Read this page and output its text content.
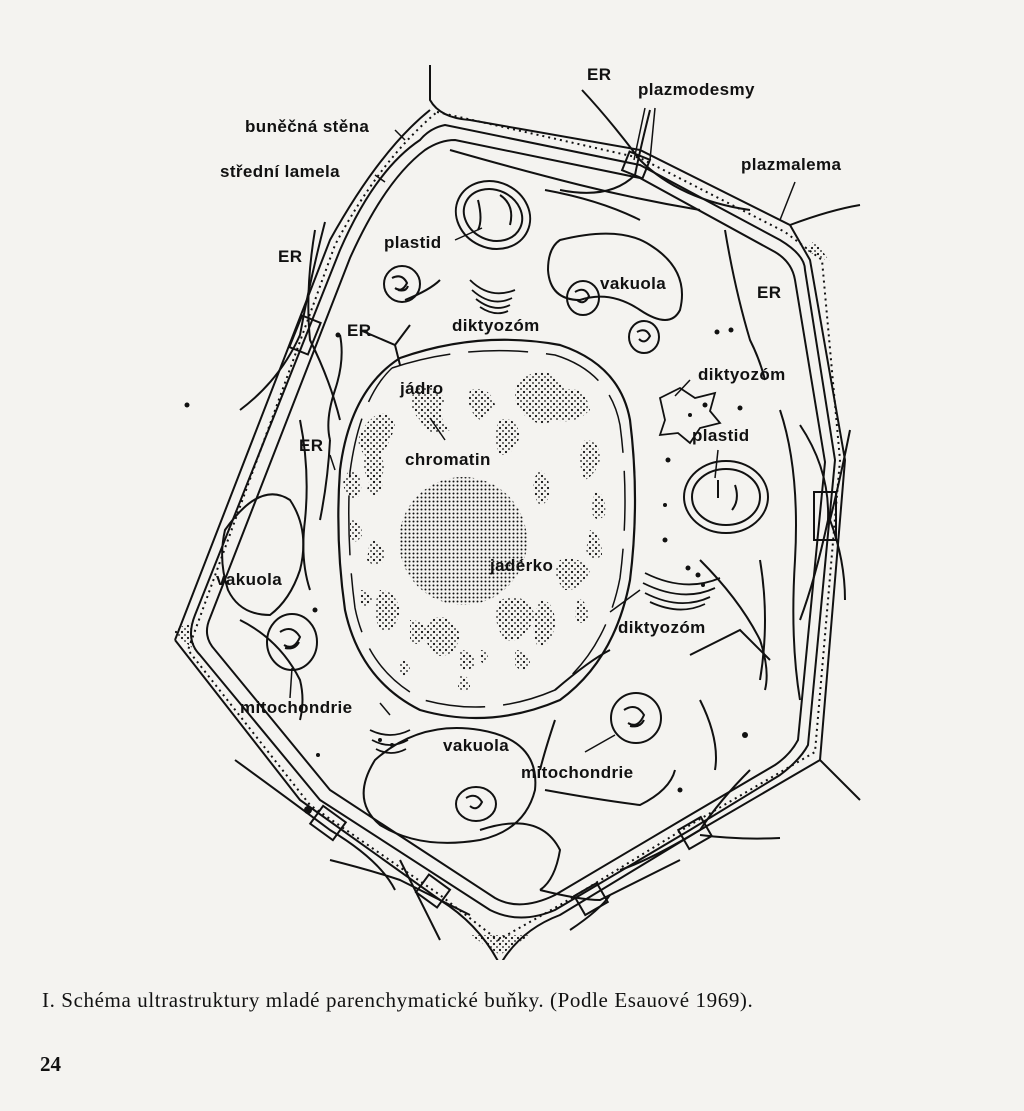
buněčná stěna
střední lamela
ER
plazmodesmy
plazmalema
ER
plastid
ER	diktyozóm
vakuola	ER
diktyozóm
jádro
ER
chromatin
plastid
vakuola
jadérko
diktyozóm
mitochondrie
vakuola
mitochondrie
I. Schéma ultrastruktury mladé parenchymatické buňky. (Podle Esauové 1969).
24
